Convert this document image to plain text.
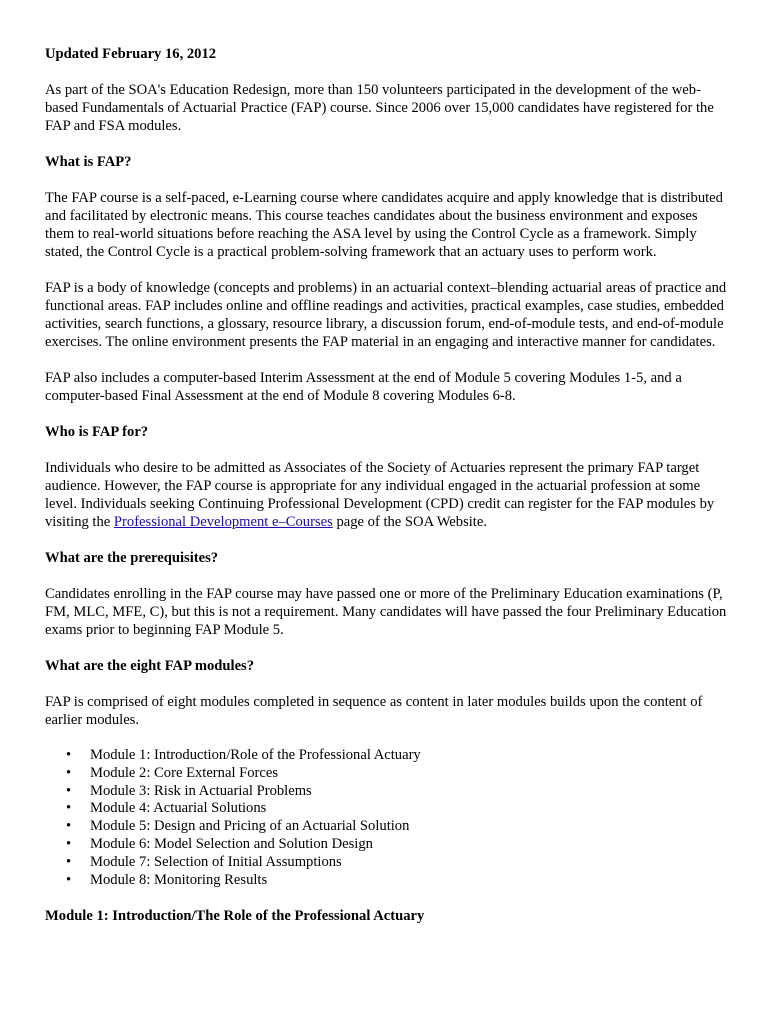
Updated February 16, 2012

As part of the SOA's Education Redesign, more than 150 volunteers participated in the development of the web-based Fundamentals of Actuarial Practice (FAP) course. Since 2006 over 15,000 candidates have registered for the FAP and FSA modules.

What is FAP?

The FAP course is a self-paced, e-Learning course where candidates acquire and apply knowledge that is distributed and facilitated by electronic means. This course teaches candidates about the business environment and exposes them to real-world situations before reaching the ASA level by using the Control Cycle as a framework. Simply stated, the Control Cycle is a practical problem-solving framework that an actuary uses to perform work.

FAP is a body of knowledge (concepts and problems) in an actuarial context–blending actuarial areas of practice and functional areas. FAP includes online and offline readings and activities, practical examples, case studies, embedded activities, search functions, a glossary, resource library, a discussion forum, end-of-module tests, and end-of-module exercises. The online environment presents the FAP material in an engaging and interactive manner for candidates.

FAP also includes a computer-based Interim Assessment at the end of Module 5 covering Modules 1-5, and a computer-based Final Assessment at the end of Module 8 covering Modules 6-8.

Who is FAP for?

Individuals who desire to be admitted as Associates of the Society of Actuaries represent the primary FAP target audience. However, the FAP course is appropriate for any individual engaged in the actuarial profession at some level. Individuals seeking Continuing Professional Development (CPD) credit can register for the FAP modules by visiting the Professional Development e–Courses page of the SOA Website.

What are the prerequisites?

Candidates enrolling in the FAP course may have passed one or more of the Preliminary Education examinations (P, FM, MLC, MFE, C), but this is not a requirement. Many candidates will have passed the four Preliminary Education exams prior to beginning FAP Module 5.

What are the eight FAP modules?

FAP is comprised of eight modules completed in sequence as content in later modules builds upon the content of earlier modules.

• Module 1: Introduction/Role of the Professional Actuary
• Module 2: Core External Forces
• Module 3: Risk in Actuarial Problems
• Module 4: Actuarial Solutions
• Module 5: Design and Pricing of an Actuarial Solution
• Module 6: Model Selection and Solution Design
• Module 7: Selection of Initial Assumptions
• Module 8: Monitoring Results
Module 1: Introduction/The Role of the Professional Actuary
